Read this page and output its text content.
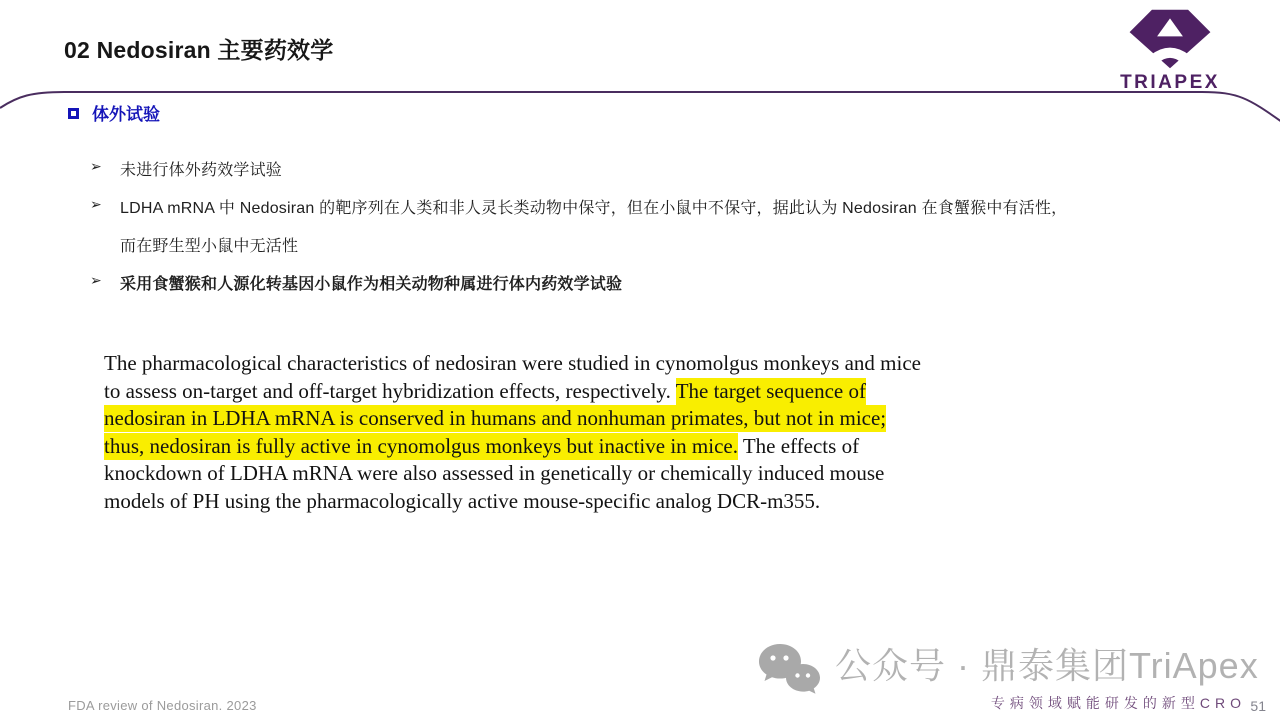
02 Nedosiran 主要药效学
TRIAPEX
体外试验
➢	未进行体外药效学试验
➢	LDHA mRNA 中 Nedosiran 的靶序列在人类和非人灵长类动物中保守，但在小鼠中不保守，据此认为 Nedosiran 在食蟹猴中有活性，
而在野生型小鼠中无活性
➢	采用食蟹猴和人源化转基因小鼠作为相关动物种属进行体内药效学试验
The pharmacological characteristics of nedosiran were studied in cynomolgus monkeys and mice
to assess on-target and off-target hybridization effects, respectively. The target sequence of
nedosiran in LDHA mRNA is conserved in humans and nonhuman primates, but not in mice;
thus, nedosiran is fully active in cynomolgus monkeys but inactive in mice. The effects of
knockdown of LDHA mRNA were also assessed in genetically or chemically induced mouse
models of PH using the pharmacologically active mouse-specific analog DCR-m355.
FDA review of Nedosiran. 2023
公众号 · 鼎泰集团TriApex
专病领域赋能研发的新型CRO 51
